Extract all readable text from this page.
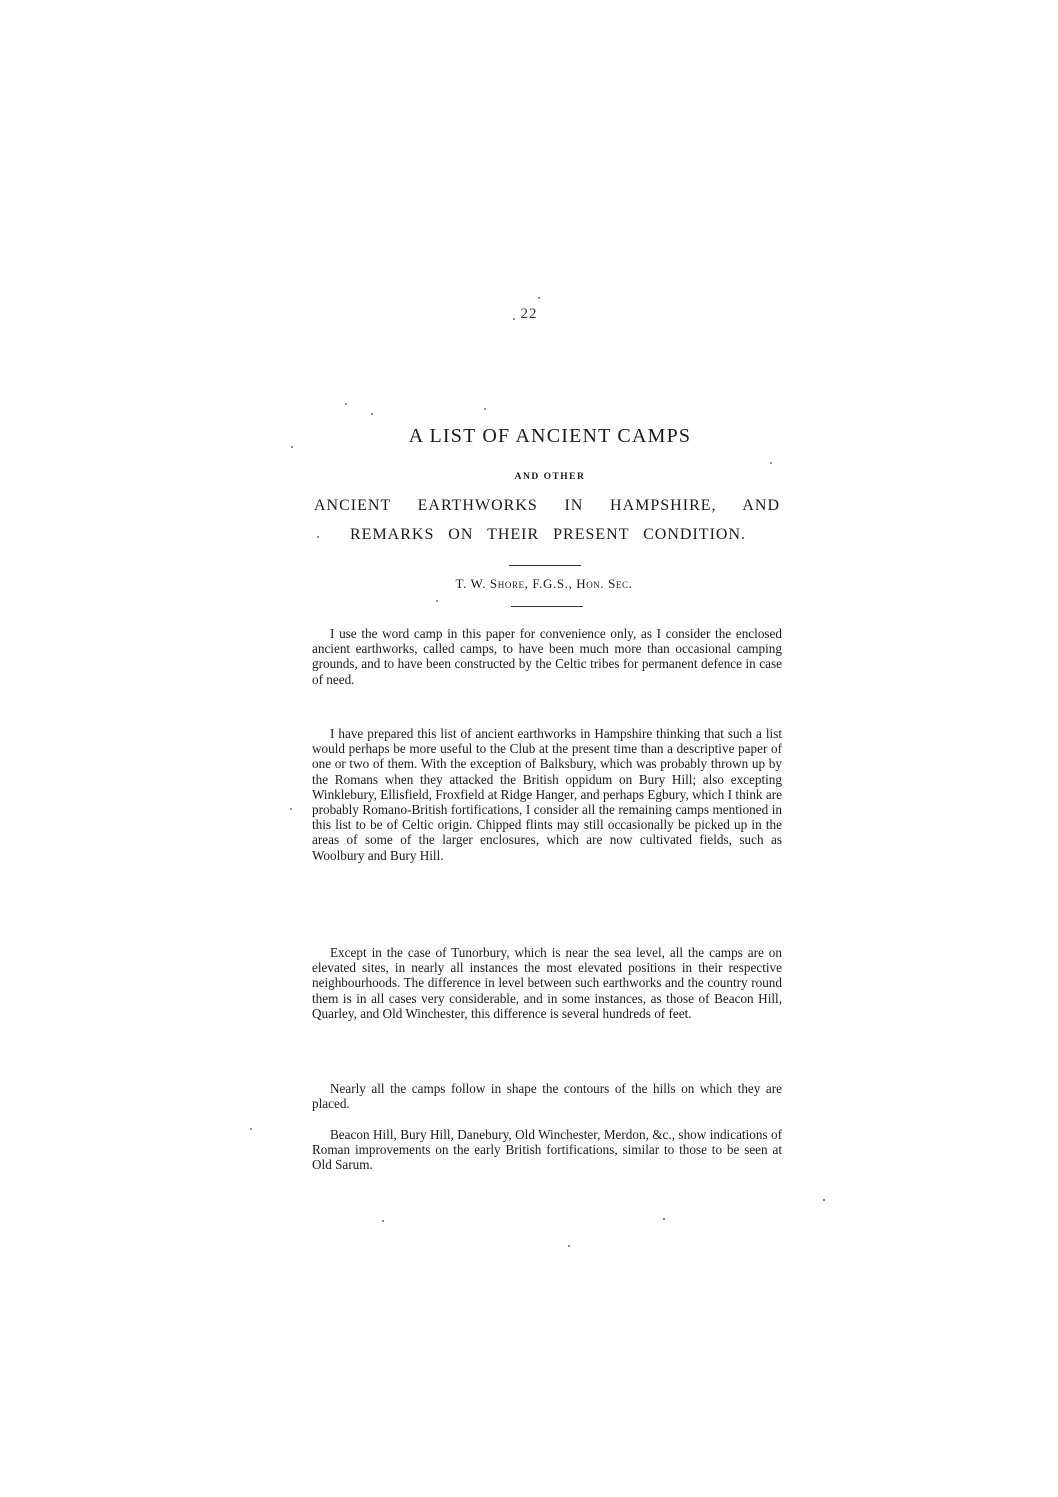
22
A LIST OF ANCIENT CAMPS
AND OTHER
ANCIENT EARTHWORKS IN HAMPSHIRE, AND
REMARKS ON THEIR PRESENT CONDITION.
T. W. Shore, F.G.S., Hon. Sec.

I use the word camp in this paper for convenience only, as I consider the enclosed ancient earthworks, called camps, to have been much more than occasional camping grounds, and to have been constructed by the Celtic tribes for permanent defence in case of need.

I have prepared this list of ancient earthworks in Hampshire thinking that such a list would perhaps be more useful to the Club at the present time than a descriptive paper of one or two of them. With the exception of Balksbury, which was probably thrown up by the Romans when they attacked the British oppidum on Bury Hill; also excepting Winklebury, Ellisfield, Froxfield at Ridge Hanger, and perhaps Egbury, which I think are probably Romano-British fortifications, I consider all the remaining camps mentioned in this list to be of Celtic origin. Chipped flints may still occasionally be picked up in the areas of some of the larger enclosures, which are now cultivated fields, such as Woolbury and Bury Hill.

Except in the case of Tunorbury, which is near the sea level, all the camps are on elevated sites, in nearly all instances the most elevated positions in their respective neighbourhoods. The difference in level between such earthworks and the country round them is in all cases very considerable, and in some instances, as those of Beacon Hill, Quarley, and Old Winchester, this difference is several hundreds of feet.

Nearly all the camps follow in shape the contours of the hills on which they are placed.

Beacon Hill, Bury Hill, Danebury, Old Winchester, Merdon, &c., show indications of Roman improvements on the early British fortifications, similar to those to be seen at Old Sarum.
